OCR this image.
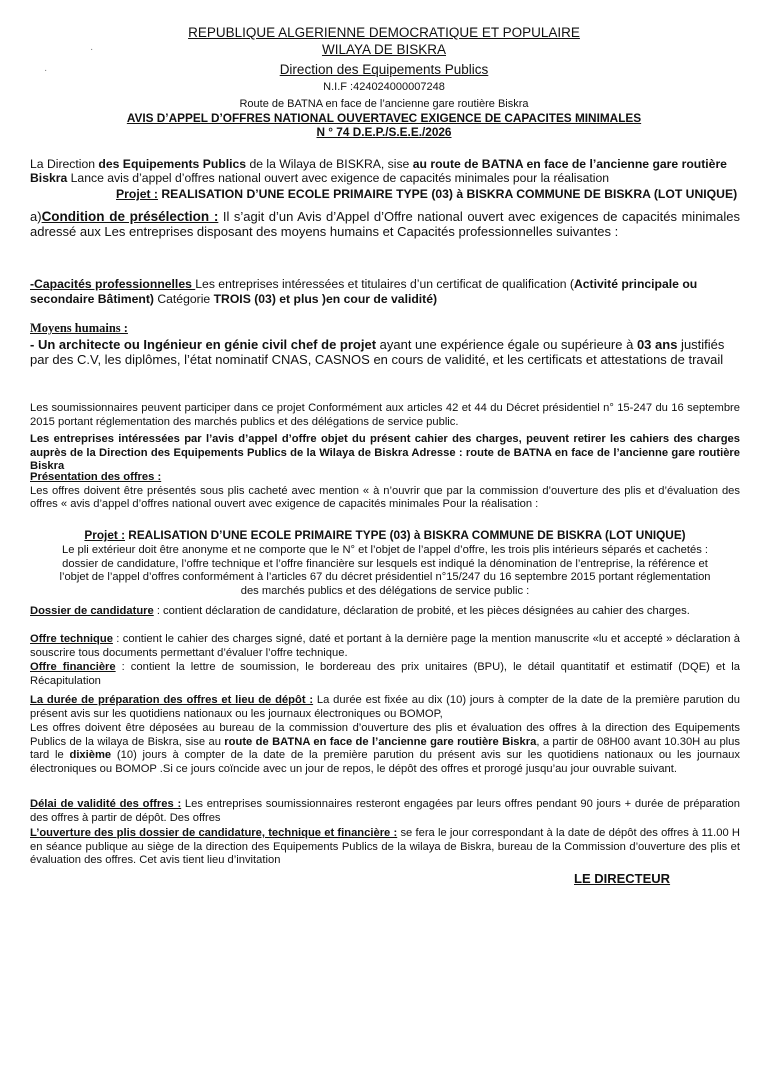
REPUBLIQUE ALGERIENNE DEMOCRATIQUE ET POPULAIRE
WILAYA DE BISKRA
Direction des Equipements Publics
N.I.F :424024000007248
Route de BATNA en face de l’ancienne gare routière Biskra
AVIS D’APPEL D’OFFRES NATIONAL OUVERTAVEC EXIGENCE DE CAPACITES MINIMALES
N ° 74 D.E.P./S.E.E./2026
La Direction des Equipements Publics de la Wilaya de BISKRA, sise au route de BATNA en face de l’ancienne gare routière Biskra Lance avis d’appel d’offres national ouvert avec exigence de capacités minimales pour la réalisation
Projet : REALISATION D’UNE ECOLE PRIMAIRE TYPE (03) à BISKRA COMMUNE DE BISKRA (LOT UNIQUE)
a)Condition de présélection : Il s’agit d’un Avis d’Appel d’Offre national ouvert avec exigences de capacités minimales adressé aux Les entreprises disposant des moyens humains et Capacités professionnelles suivantes :
-Capacités professionnelles Les entreprises intéressées et titulaires d’un certificat de qualification (Activité principale ou secondaire Bâtiment) Catégorie TROIS (03) et plus )en cour de validité)
Moyens humains :
- Un architecte ou Ingénieur en génie civil chef de projet ayant une expérience égale ou supérieure à 03 ans justifiés par des C.V, les diplômes, l’état nominatif CNAS, CASNOS en cours de validité, et les certificats et attestations de travail
Les soumissionnaires peuvent participer dans ce projet Conformément aux articles 42 et 44 du Décret présidentiel n° 15-247 du 16 septembre 2015 portant réglementation des marchés publics et des délégations de service public.
Les entreprises intéressées par l’avis d’appel d’offre objet du présent cahier des charges, peuvent retirer les cahiers des charges auprès de la Direction des Equipements Publics de la Wilaya de Biskra Adresse : route de BATNA en face de l’ancienne gare routière Biskra
Présentation des offres :
Les offres doivent être présentés sous plis cacheté avec mention « à n’ouvrir que par la commission d’ouverture des plis et d’évaluation des offres « avis d’appel d’offres national ouvert avec exigence de capacités minimales Pour la réalisation :
Projet : REALISATION D’UNE ECOLE PRIMAIRE TYPE (03) à BISKRA COMMUNE DE BISKRA (LOT UNIQUE)
Le pli extérieur doit être anonyme et ne comporte que le N° et l’objet de l’appel d’offre, les trois plis intérieurs séparés et cachetés : dossier de candidature, l’offre technique et l’offre financière sur lesquels est indiqué la dénomination de l’entreprise, la référence et l’objet de l’appel d’offres conformément à l’articles 67 du décret présidentiel n°15/247 du 16 septembre 2015 portant réglementation des marchés publics et des délégations de service public :
Dossier de candidature : contient déclaration de candidature, déclaration de probité, et les pièces désignées au cahier des charges.
Offre technique : contient le cahier des charges signé, daté et portant à la dernière page la mention manuscrite «lu et accepté » déclaration à souscrire tous documents permettant d’évaluer l’offre technique.
Offre financière : contient la lettre de soumission, le bordereau des prix unitaires (BPU), le détail quantitatif et estimatif (DQE) et la Récapitulation
La durée de préparation des offres et lieu de dépôt : La durée est fixée au dix (10) jours à compter de la date de la première parution du présent avis sur les quotidiens nationaux ou les journaux électroniques ou BOMOP,
Les offres doivent être déposées au bureau de la commission d’ouverture des plis et évaluation des offres à la direction des Equipements Publics de la wilaya de Biskra, sise au route de BATNA en face de l’ancienne gare routière Biskra, a partir de 08H00 avant 10.30H au plus tard le dixième (10) jours à compter de la date de la première parution du présent avis sur les quotidiens nationaux ou les journaux électroniques ou BOMOP .Si ce jours coïncide avec un jour de repos, le dépôt des offres et prorogé jusqu’au jour ouvrable suivant.
Délai de validité des offres : Les entreprises soumissionnaires resteront engagées par leurs offres pendant 90 jours + durée de préparation des offres à partir de dépôt. Des offres
L’ouverture des plis dossier de candidature, technique et financière : se fera le jour correspondant à la date de dépôt des offres à 11.00 H en séance publique au siège de la direction des Equipements Publics de la wilaya de Biskra, bureau de la Commission d’ouverture des plis et évaluation des offres. Cet avis tient lieu d’invitation
LE DIRECTEUR
·
·
